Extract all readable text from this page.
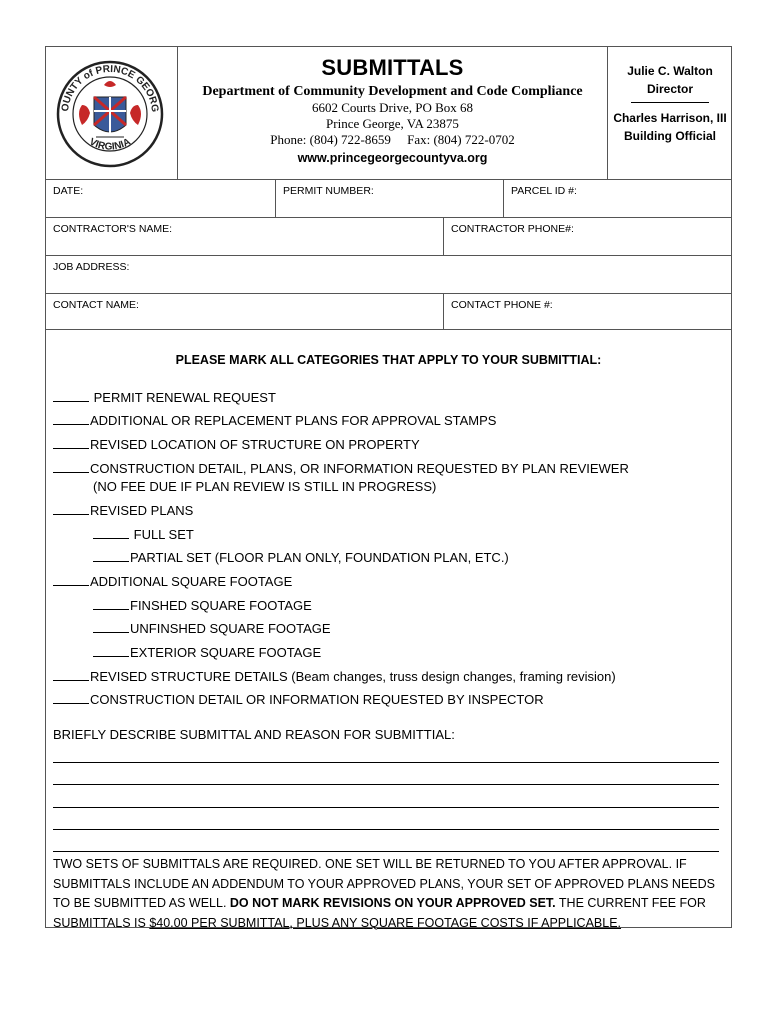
OUNTY of PRINCE GEORG
VIRGINIA
SUBMITTALS
Department of Community Development and Code Compliance
6602 Courts Drive, PO Box 68
Prince George, VA 23875
Phone: (804) 722-8659     Fax: (804) 722-0702
www.princegeorgecountyva.org
Julie C. Walton
Director
Charles Harrison, III
Building Official
DATE:	PERMIT NUMBER:	PARCEL ID #:
CONTRACTOR'S NAME:	CONTRACTOR PHONE#:
JOB ADDRESS:
CONTACT NAME:	CONTACT PHONE #:
PLEASE MARK ALL CATEGORIES THAT APPLY TO YOUR SUBMITTIAL:
PERMIT RENEWAL REQUEST
ADDITIONAL OR REPLACEMENT PLANS FOR APPROVAL STAMPS
REVISED LOCATION OF STRUCTURE ON PROPERTY
CONSTRUCTION DETAIL, PLANS, OR INFORMATION REQUESTED BY PLAN REVIEWER
(NO FEE DUE IF PLAN REVIEW IS STILL IN PROGRESS)
REVISED PLANS
FULL SET
PARTIAL SET (FLOOR PLAN ONLY, FOUNDATION PLAN, ETC.)
ADDITIONAL SQUARE FOOTAGE
FINSHED SQUARE FOOTAGE
UNFINSHED SQUARE FOOTAGE
EXTERIOR SQUARE FOOTAGE
REVISED STRUCTURE DETAILS (Beam changes, truss design changes, framing revision)
CONSTRUCTION DETAIL OR INFORMATION REQUESTED BY INSPECTOR
BRIEFLY DESCRIBE SUBMITTAL AND REASON FOR SUBMITTIAL:
TWO SETS OF SUBMITTALS ARE REQUIRED. ONE SET WILL BE RETURNED TO YOU AFTER APPROVAL. IF SUBMITTALS INCLUDE AN ADDENDUM TO YOUR APPROVED PLANS, YOUR SET OF APPROVED PLANS NEEDS TO BE SUBMITTED AS WELL. DO NOT MARK REVISIONS ON YOUR APPROVED SET. THE CURRENT FEE FOR SUBMITTALS IS $40.00 PER SUBMITTAL, PLUS ANY SQUARE FOOTAGE COSTS IF APPLICABLE.
